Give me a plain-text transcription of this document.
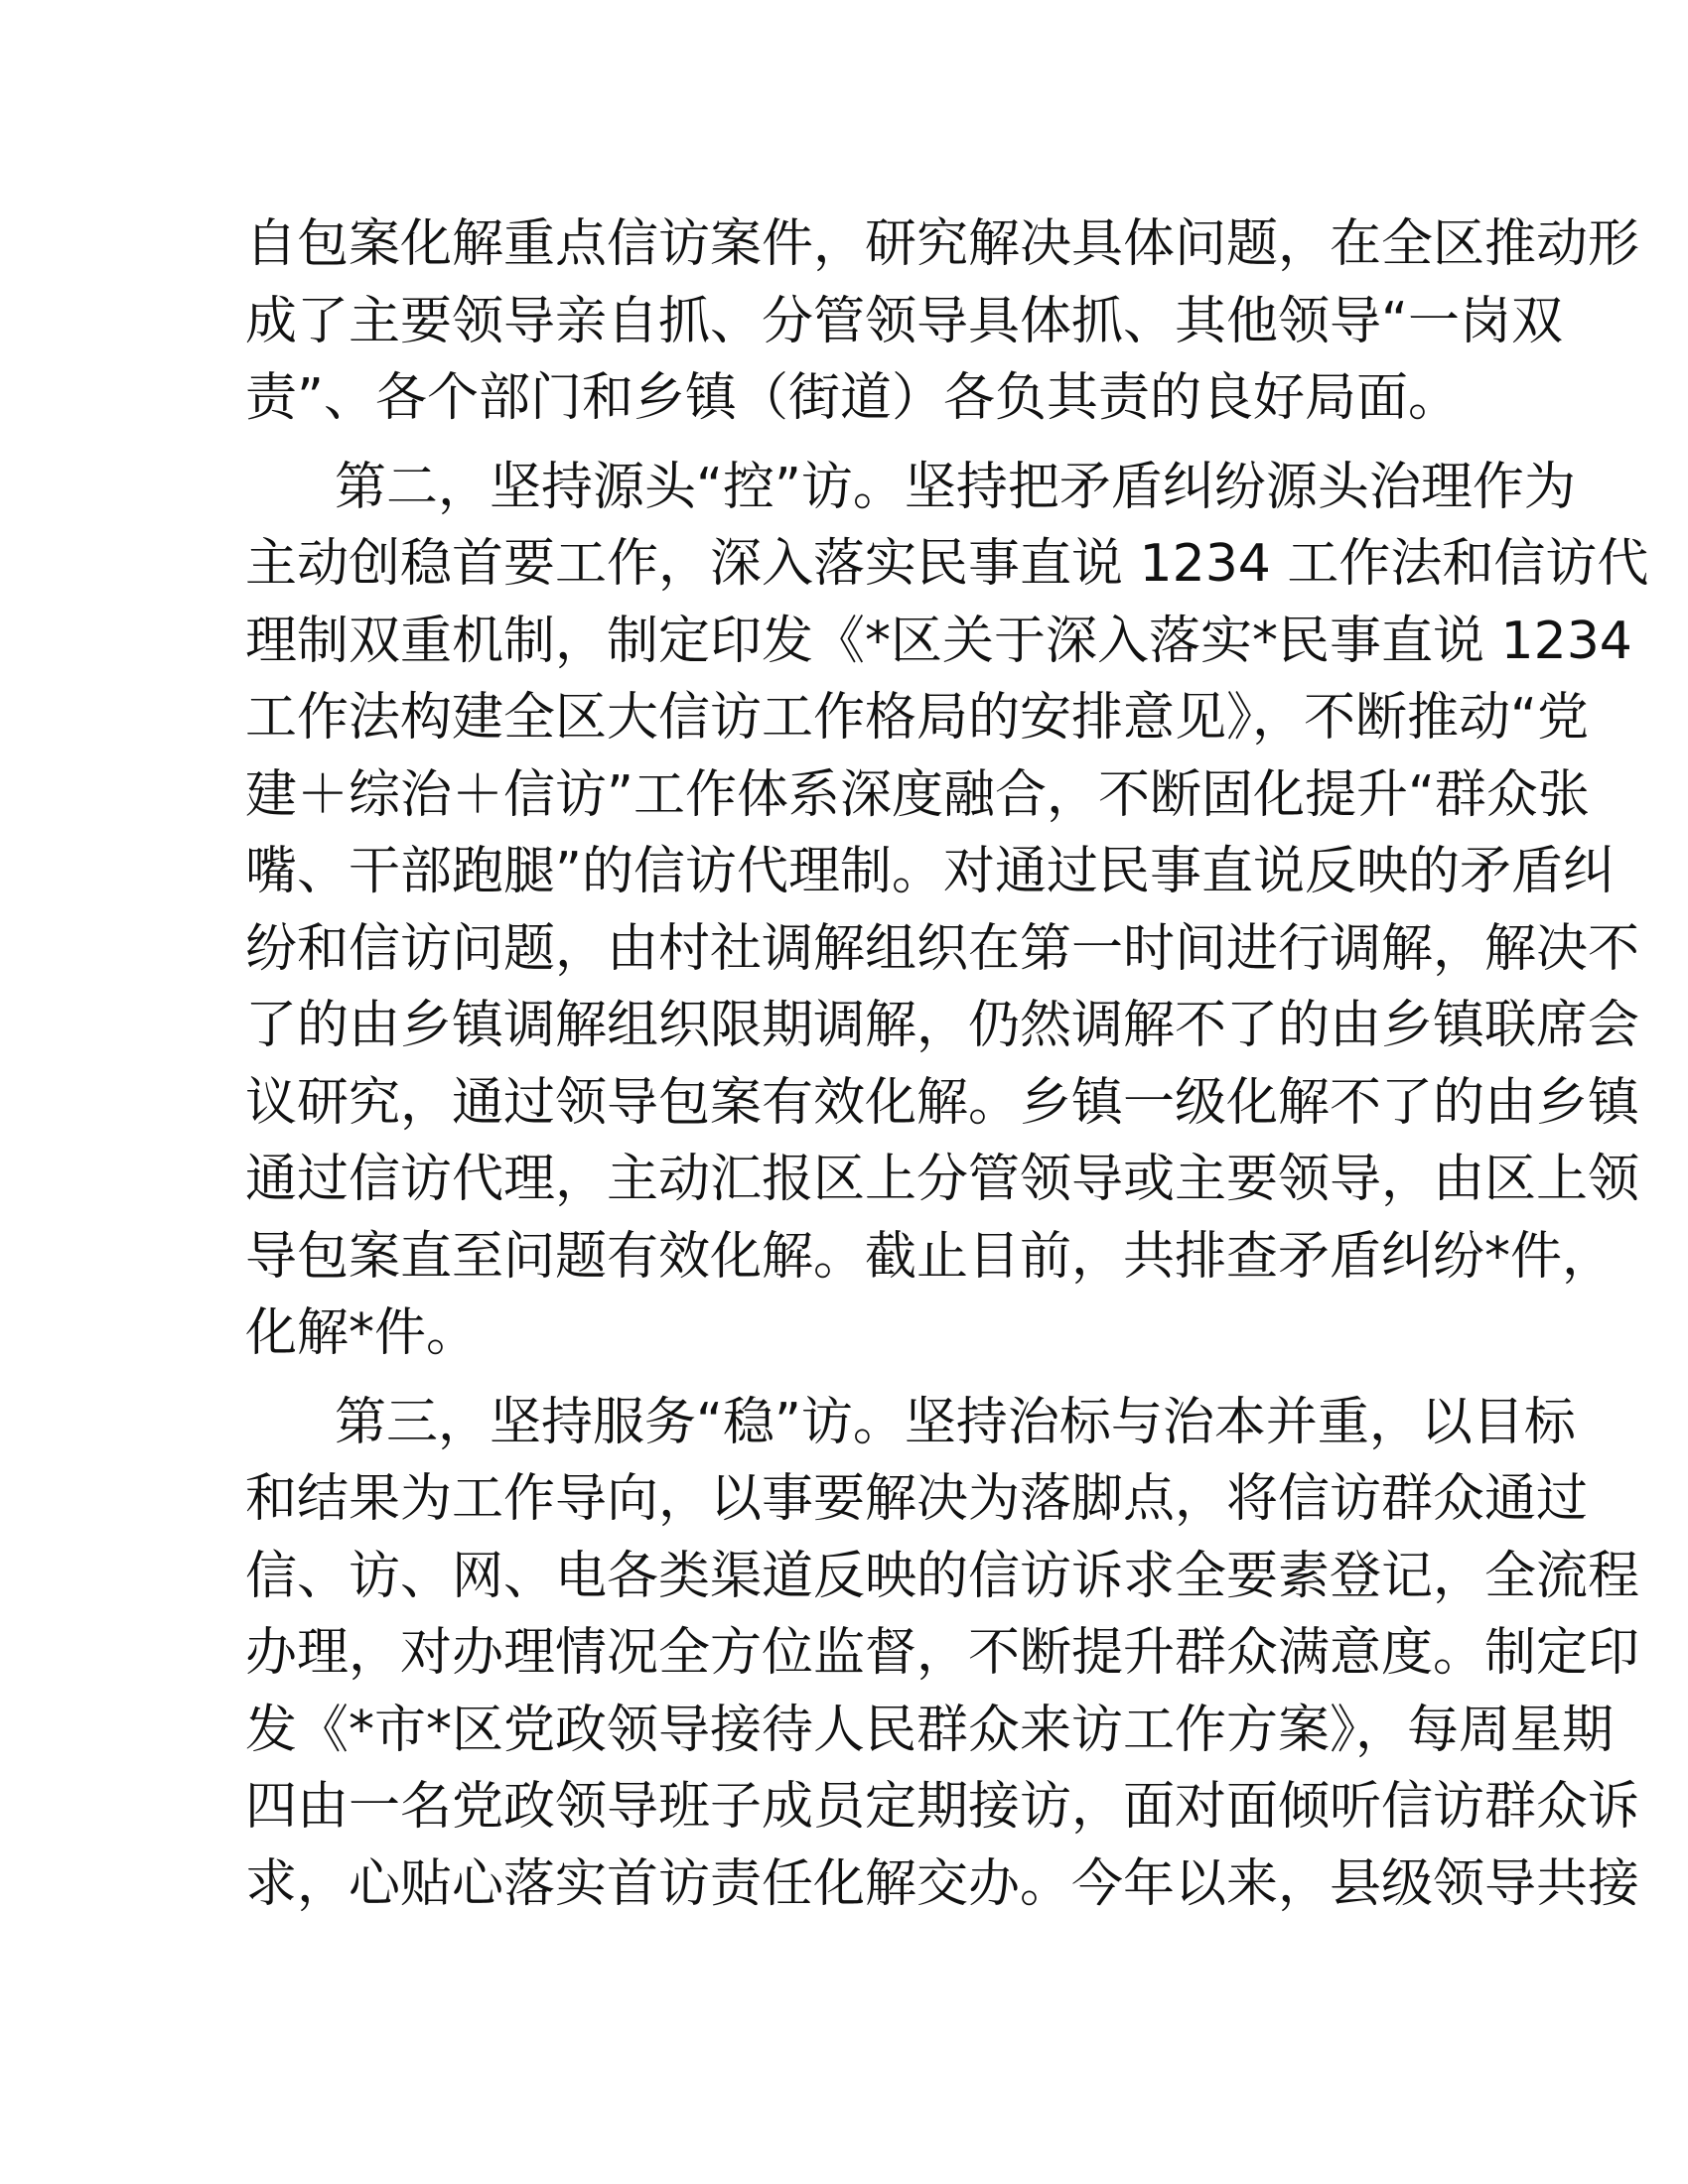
自包案化解重点信访案件，研究解决具体问题，在全区推动形
成了主要领导亲自抓、分管领导具体抓、其他领导“一岗双
责”、各个部门和乡镇（街道）各负其责的良好局面。
第二，坚持源头“控”访。坚持把矛盾纠纷源头治理作为
主动创稳首要工作，深入落实民事直说 1234 工作法和信访代
理制双重机制，制定印发《*区关于深入落实*民事直说 1234
工作法构建全区大信访工作格局的安排意见》，不断推动“党
建＋综治＋信访”工作体系深度融合，不断固化提升“群众张
嘴、干部跑腿”的信访代理制。对通过民事直说反映的矛盾纠
纷和信访问题，由村社调解组织在第一时间进行调解，解决不
了的由乡镇调解组织限期调解，仍然调解不了的由乡镇联席会
议研究，通过领导包案有效化解。乡镇一级化解不了的由乡镇
通过信访代理，主动汇报区上分管领导或主要领导，由区上领
导包案直至问题有效化解。截止目前，共排查矛盾纠纷*件，
化解*件。
第三，坚持服务“稳”访。坚持治标与治本并重，以目标
和结果为工作导向，以事要解决为落脚点，将信访群众通过
信、访、网、电各类渠道反映的信访诉求全要素登记，全流程
办理，对办理情况全方位监督，不断提升群众满意度。制定印
发《*市*区党政领导接待人民群众来访工作方案》，每周星期
四由一名党政领导班子成员定期接访，面对面倾听信访群众诉
求，心贴心落实首访责任化解交办。今年以来，县级领导共接
